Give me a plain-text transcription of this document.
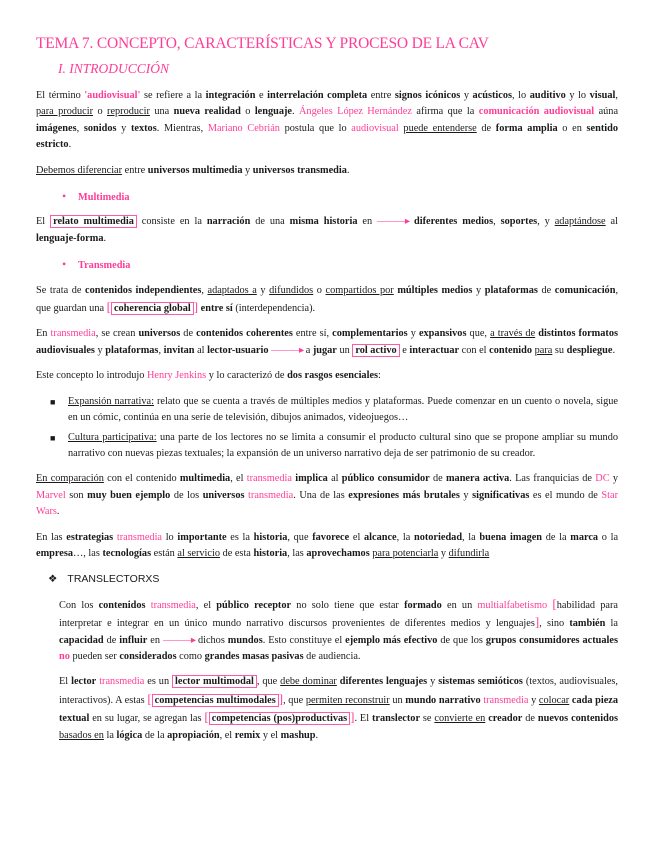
TEMA 7. CONCEPTO, CARACTERÍSTICAS Y PROCESO DE LA CAV
I. INTRODUCCIÓN

El término 'audiovisual' se refiere a la integración e interrelación completa entre signos icónicos y acústicos, lo auditivo y lo visual, para producir o reproducir una nueva realidad o lenguaje. Ángeles López Hernández afirma que la comunicación audiovisual aúna imágenes, sonidos y textos. Mientras, Mariano Cebrián postula que lo audiovisual puede entenderse de forma amplia o en sentido estricto.

Debemos diferenciar entre universos multimedia y universos transmedia.

•	Multimedia

El relato multimedia consiste en la narración de una misma historia en ———▸ diferentes medios, soportes, y adaptándose al lenguaje-forma.

•	Transmedia

Se trata de contenidos independientes, adaptados a y difundidos o compartidos por múltiples medios y plataformas de comunicación, que guardan una [ coherencia global ] entre sí (interdependencia).

En transmedia, se crean universos de contenidos coherentes entre sí, complementarios y expansivos que, a través de distintos formatos audiovisuales y plataformas, invitan al lector-usuario ———▸ a jugar un rol activo e interactuar con el contenido para su despliegue.

Este concepto lo introdujo Henry Jenkins y lo caracterizó de dos rasgos esenciales:

■	Expansión narrativa: relato que se cuenta a través de múltiples medios y plataformas. Puede comenzar en un cuento o novela, sigue en un cómic, continúa en una serie de televisión, dibujos animados, videojuegos…
■	Cultura participativa: una parte de los lectores no se limita a consumir el producto cultural sino que se propone ampliar su mundo narrativo con nuevas piezas textuales; la expansión de un universo narrativo deja de ser patrimonio de su creador.

En comparación con el contenido multimedia, el transmedia implica al público consumidor de manera activa. Las franquicias de DC y Marvel son muy buen ejemplo de los universos transmedia. Una de las expresiones más brutales y significativas es el mundo de Star Wars.

En las estrategias transmedia lo importante es la historia, que favorece el alcance, la notoriedad, la buena imagen de la marca o la empresa…, las tecnologías están al servicio de esta historia, las aprovechamos para potenciarla y difundirla

❖ TRANSLECTORXS

Con los contenidos transmedia, el público receptor no solo tiene que estar formado en un multialfabetismo [habilidad para interpretar e integrar en un único mundo narrativo discursos provenientes de diferentes medios y lenguajes], sino también la capacidad de influir en ———▸ dichos mundos. Esto constituye el ejemplo más efectivo de que los grupos consumidores actuales no pueden ser considerados como grandes masas pasivas de audiencia.

El lector transmedia es un lector multimodal , que debe dominar diferentes lenguajes y sistemas semióticos (textos, audiovisuales, interactivos). A estas [ competencias multimodales ], que permiten reconstruir un mundo narrativo transmedia y colocar cada pieza textual en su lugar, se agregan las [ competencias (pos)productivas ]. El translector se convierte en creador de nuevos contenidos basados en la lógica de la apropiación, el remix y el mashup.
